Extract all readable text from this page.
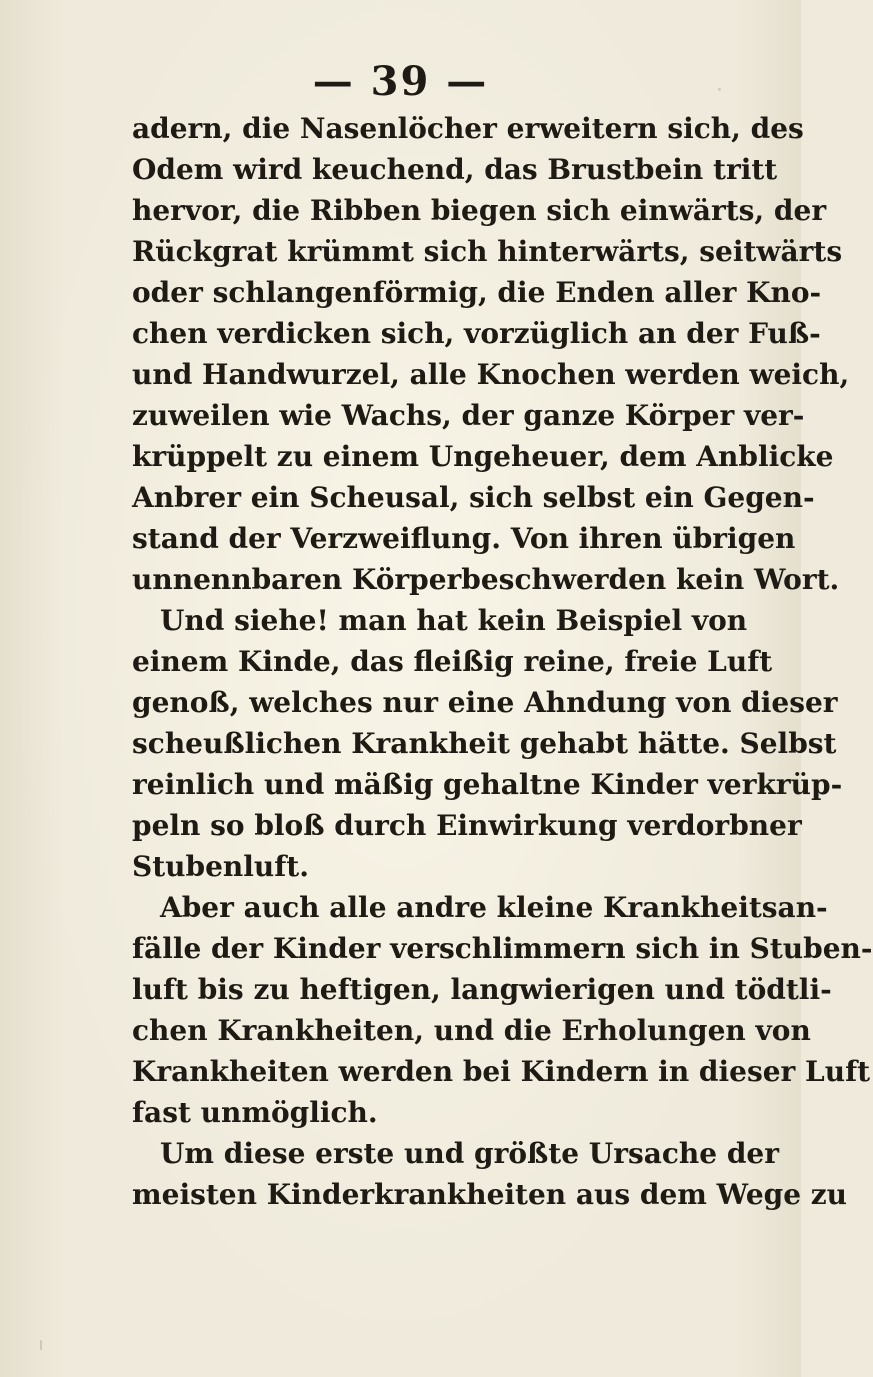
— 39 —
adern, die Nasenlöcher erweitern sich, des
Odem wird keuchend, das Brustbein tritt
hervor, die Ribben biegen sich einwärts, der
Rückgrat krümmt sich hinterwärts, seitwärts
oder schlangenförmig, die Enden aller Kno-
chen verdicken sich, vorzüglich an der Fuß-
und Handwurzel, alle Knochen werden weich,
zuweilen wie Wachs, der ganze Körper ver-
krüppelt zu einem Ungeheuer, dem Anblicke
Anbrer ein Scheusal, sich selbst ein Gegen-
stand der Verzweiflung. Von ihren übrigen
unnennbaren Körperbeschwerden kein Wort.
Und siehe! man hat kein Beispiel von
einem Kinde, das fleißig reine, freie Luft
genoß, welches nur eine Ahndung von dieser
scheußlichen Krankheit gehabt hätte. Selbst
reinlich und mäßig gehaltne Kinder verkrüp-
peln so bloß durch Einwirkung verdorbner
Stubenluft.
Aber auch alle andre kleine Krankheitsan-
fälle der Kinder verschlimmern sich in Stuben-
luft bis zu heftigen, langwierigen und tödtli-
chen Krankheiten, und die Erholungen von
Krankheiten werden bei Kindern in dieser Luft
fast unmöglich.
Um diese erste und größte Ursache der
meisten Kinderkrankheiten aus dem Wege zu
